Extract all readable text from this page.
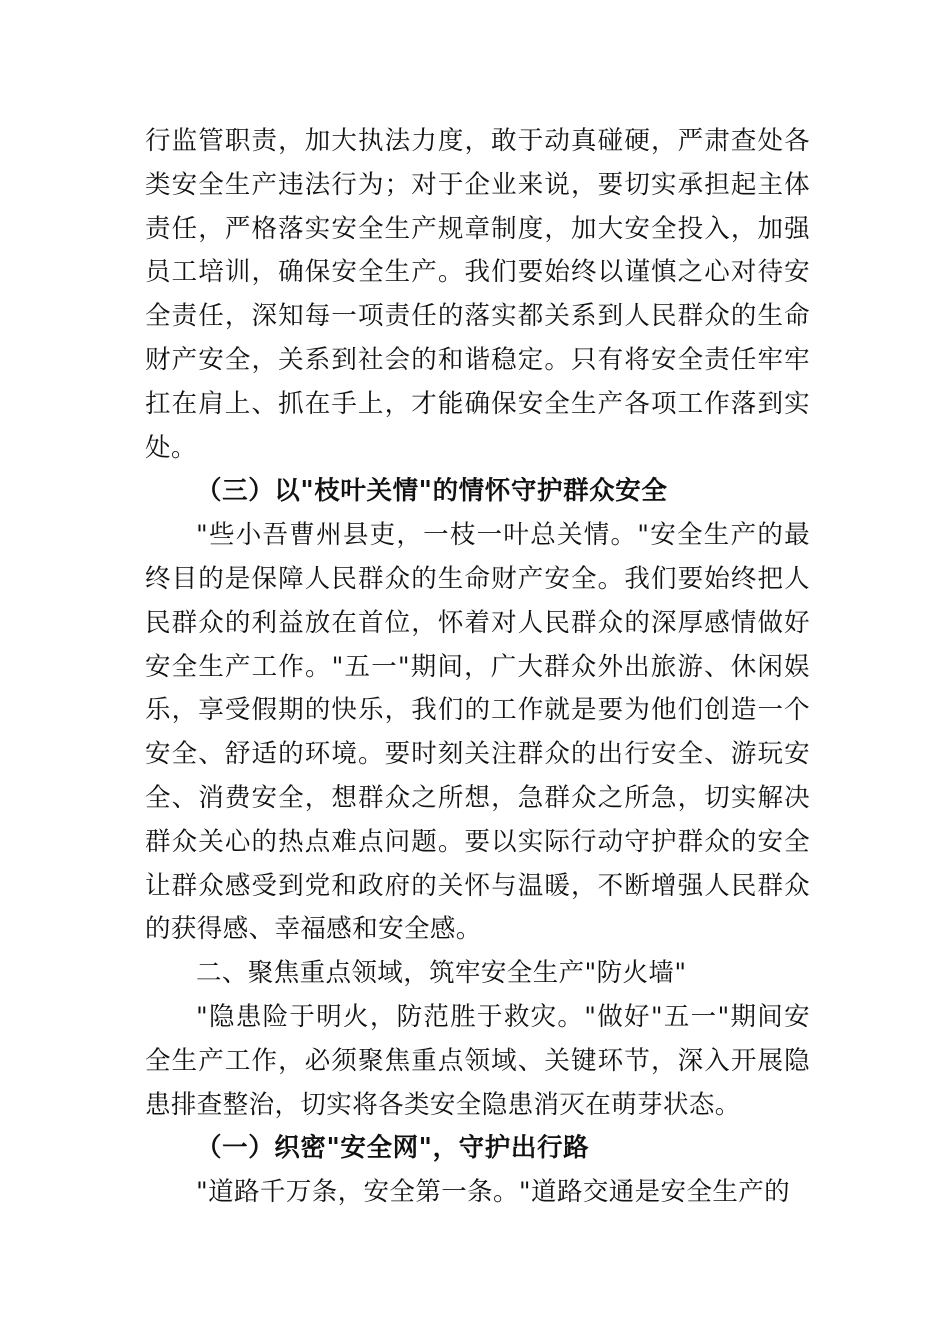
行监管职责，加大执法力度，敢于动真碰硬，严肃查处各类安全生产违法行为；对于企业来说，要切实承担起主体责任，严格落实安全生产规章制度，加大安全投入，加强员工培训，确保安全生产。我们要始终以谨慎之心对待安全责任，深知每一项责任的落实都关系到人民群众的生命财产安全，关系到社会的和谐稳定。只有将安全责任牢牢扛在肩上、抓在手上，才能确保安全生产各项工作落到实处。

（三）以"枝叶关情"的情怀守护群众安全

"些小吾曹州县吏，一枝一叶总关情。"安全生产的最终目的是保障人民群众的生命财产安全。我们要始终把人民群众的利益放在首位，怀着对人民群众的深厚感情做好安全生产工作。"五一"期间，广大群众外出旅游、休闲娱乐，享受假期的快乐，我们的工作就是要为他们创造一个安全、舒适的环境。要时刻关注群众的出行安全、游玩安全、消费安全，想群众之所想，急群众之所急，切实解决群众关心的热点难点问题。要以实际行动守护群众的安全让群众感受到党和政府的关怀与温暖，不断增强人民群众的获得感、幸福感和安全感。

二、聚焦重点领域，筑牢安全生产"防火墙"

"隐患险于明火，防范胜于救灾。"做好"五一"期间安全生产工作，必须聚焦重点领域、关键环节，深入开展隐患排查整治，切实将各类安全隐患消灭在萌芽状态。

（一）织密"安全网"，守护出行路

"道路千万条，安全第一条。"道路交通是安全生产的
